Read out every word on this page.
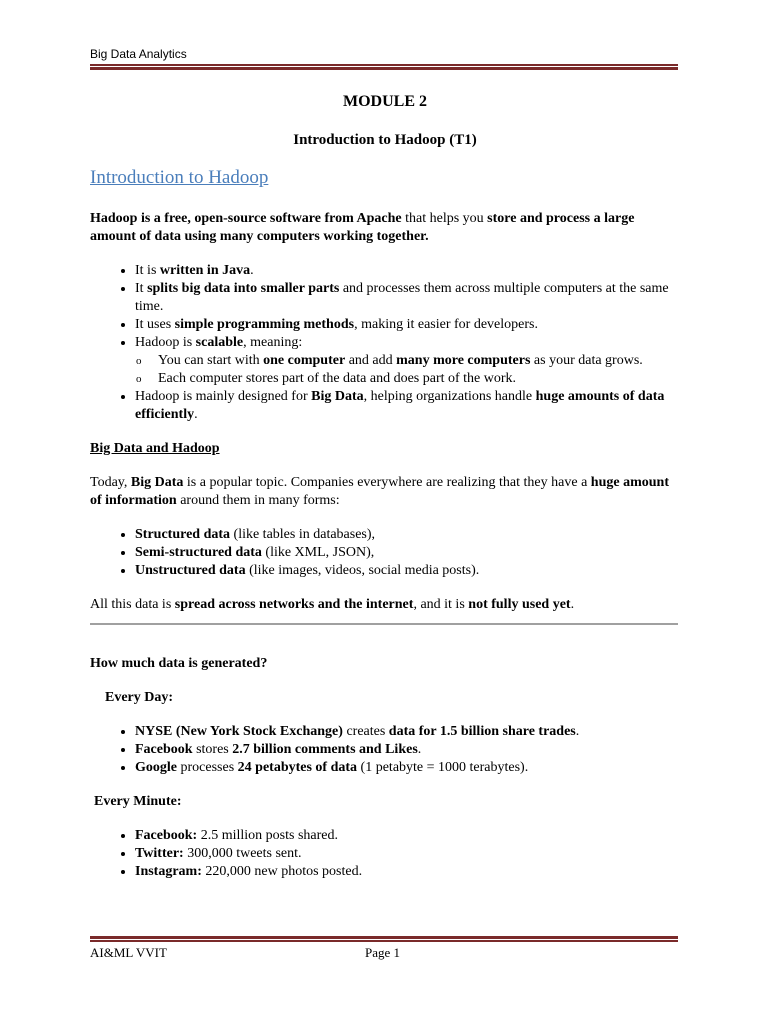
Big Data Analytics
MODULE 2
Introduction to Hadoop (T1)
Introduction to Hadoop

Hadoop is a free, open-source software from Apache that helps you store and process a large amount of data using many computers working together.

• It is written in Java.
• It splits big data into smaller parts and processes them across multiple computers at the same time.
• It uses simple programming methods, making it easier for developers.
• Hadoop is scalable, meaning:
o You can start with one computer and add many more computers as your data grows.
o Each computer stores part of the data and does part of the work.
• Hadoop is mainly designed for Big Data, helping organizations handle huge amounts of data efficiently.

Big Data and Hadoop

Today, Big Data is a popular topic. Companies everywhere are realizing that they have a huge amount of information around them in many forms:

• Structured data (like tables in databases),
• Semi-structured data (like XML, JSON),
• Unstructured data (like images, videos, social media posts).

All this data is spread across networks and the internet, and it is not fully used yet.

How much data is generated?

Every Day:

• NYSE (New York Stock Exchange) creates data for 1.5 billion share trades.
• Facebook stores 2.7 billion comments and Likes.
• Google processes 24 petabytes of data (1 petabyte = 1000 terabytes).

Every Minute:

• Facebook: 2.5 million posts shared.
• Twitter: 300,000 tweets sent.
• Instagram: 220,000 new photos posted.
AI&ML VVIT	Page 1
